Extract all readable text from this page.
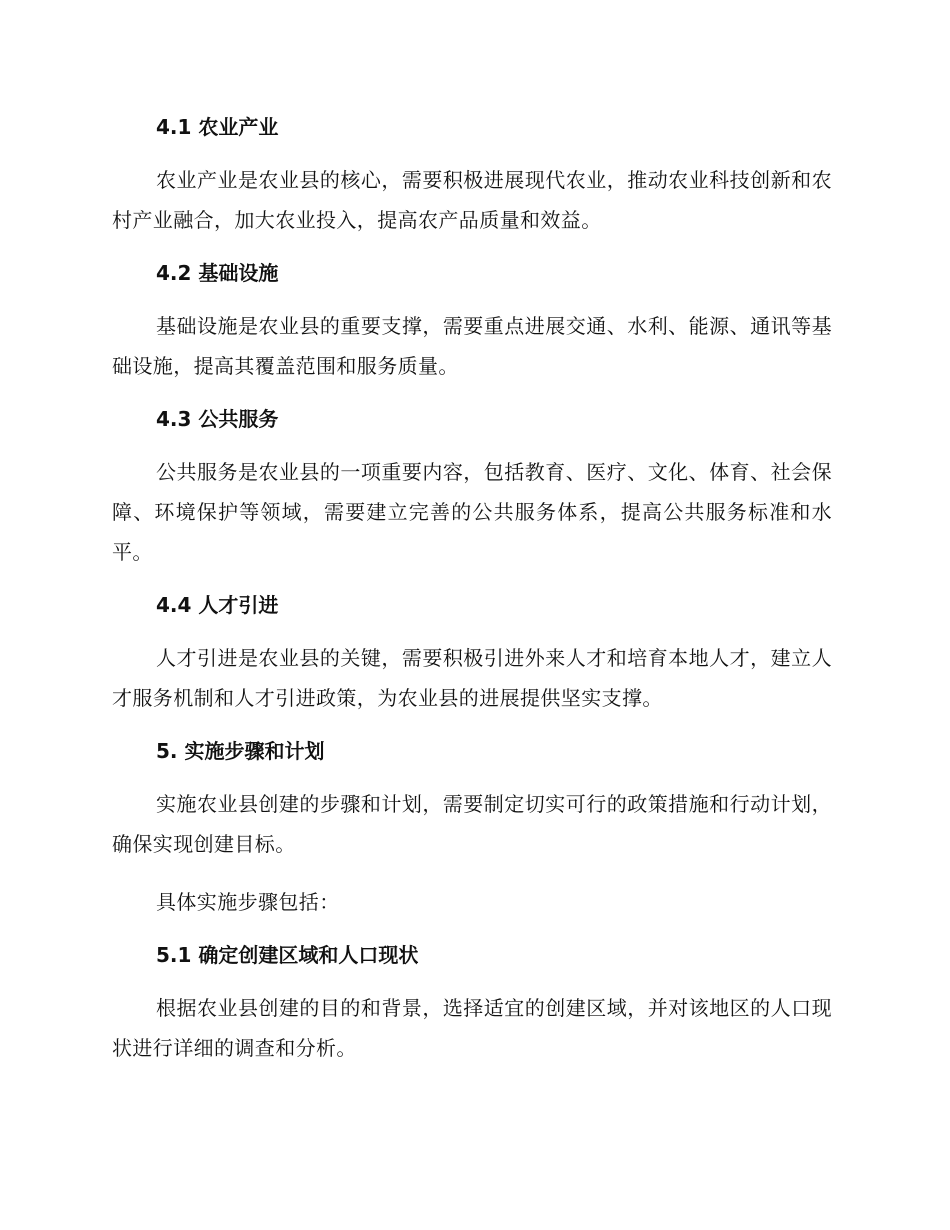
4.1 农业产业

农业产业是农业县的核心，需要积极进展现代农业，推动农业科技创新和农村产业融合，加大农业投入，提高农产品质量和效益。

4.2 基础设施

基础设施是农业县的重要支撑，需要重点进展交通、水利、能源、通讯等基础设施，提高其覆盖范围和服务质量。

4.3 公共服务

公共服务是农业县的一项重要内容，包括教育、医疗、文化、体育、社会保障、环境保护等领域，需要建立完善的公共服务体系，提高公共服务标准和水平。

4.4 人才引进

人才引进是农业县的关键，需要积极引进外来人才和培育本地人才，建立人才服务机制和人才引进政策，为农业县的进展提供坚实支撑。

5. 实施步骤和计划

实施农业县创建的步骤和计划，需要制定切实可行的政策措施和行动计划，确保实现创建目标。

具体实施步骤包括：

5.1 确定创建区域和人口现状

根据农业县创建的目的和背景，选择适宜的创建区域，并对该地区的人口现状进行详细的调查和分析。
